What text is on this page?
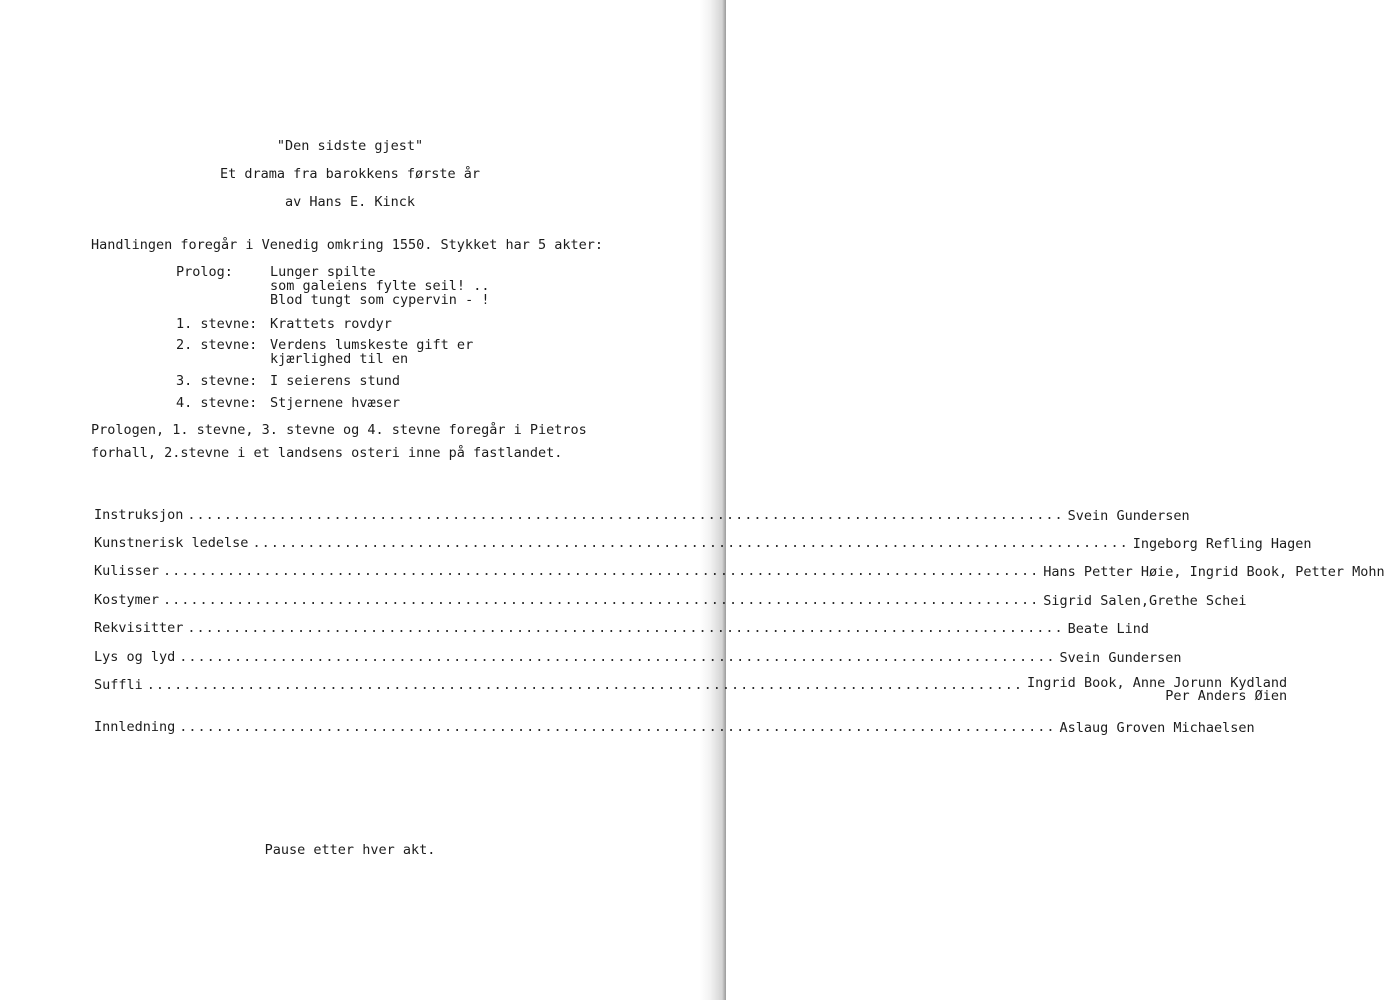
"Den sidste gjest"
Et drama fra barokkens første år
av Hans E. Kinck
Handlingen foregår i Venedig omkring 1550. Stykket har 5 akter:
Prolog:	Lunger spilte
som galeiens fylte seil! ..
Blod tungt som cypervin - !
1. stevne: Krattets rovdyr
2. stevne: Verdens lumskeste gift er
kjærlighed til en
3. stevne: I seierens stund
4. stevne: Stjernene hvæser
Prologen, 1. stevne, 3. stevne og 4. stevne foregår i Pietros
forhall, 2.stevne i et landsens osteri inne på fastlandet.
Instruksjon ................................................................................................ Svein Gundersen
Kunstnerisk ledelse ................................................................................................ Ingeborg Refling Hagen
Kulisser ................................................................................................ Hans Petter Høie, Ingrid Book, Petter Mohn
Kostymer ................................................................................................ Sigrid Salen,Grethe Schei
Rekvisitter ................................................................................................ Beate Lind
Lys og lyd ................................................................................................ Svein Gundersen
Suffli ................................................................................................ Ingrid Book, Anne Jorunn Kydland
Per Anders Øien
Innledning ................................................................................................ Aslaug Groven Michaelsen
Pause etter hver akt.
